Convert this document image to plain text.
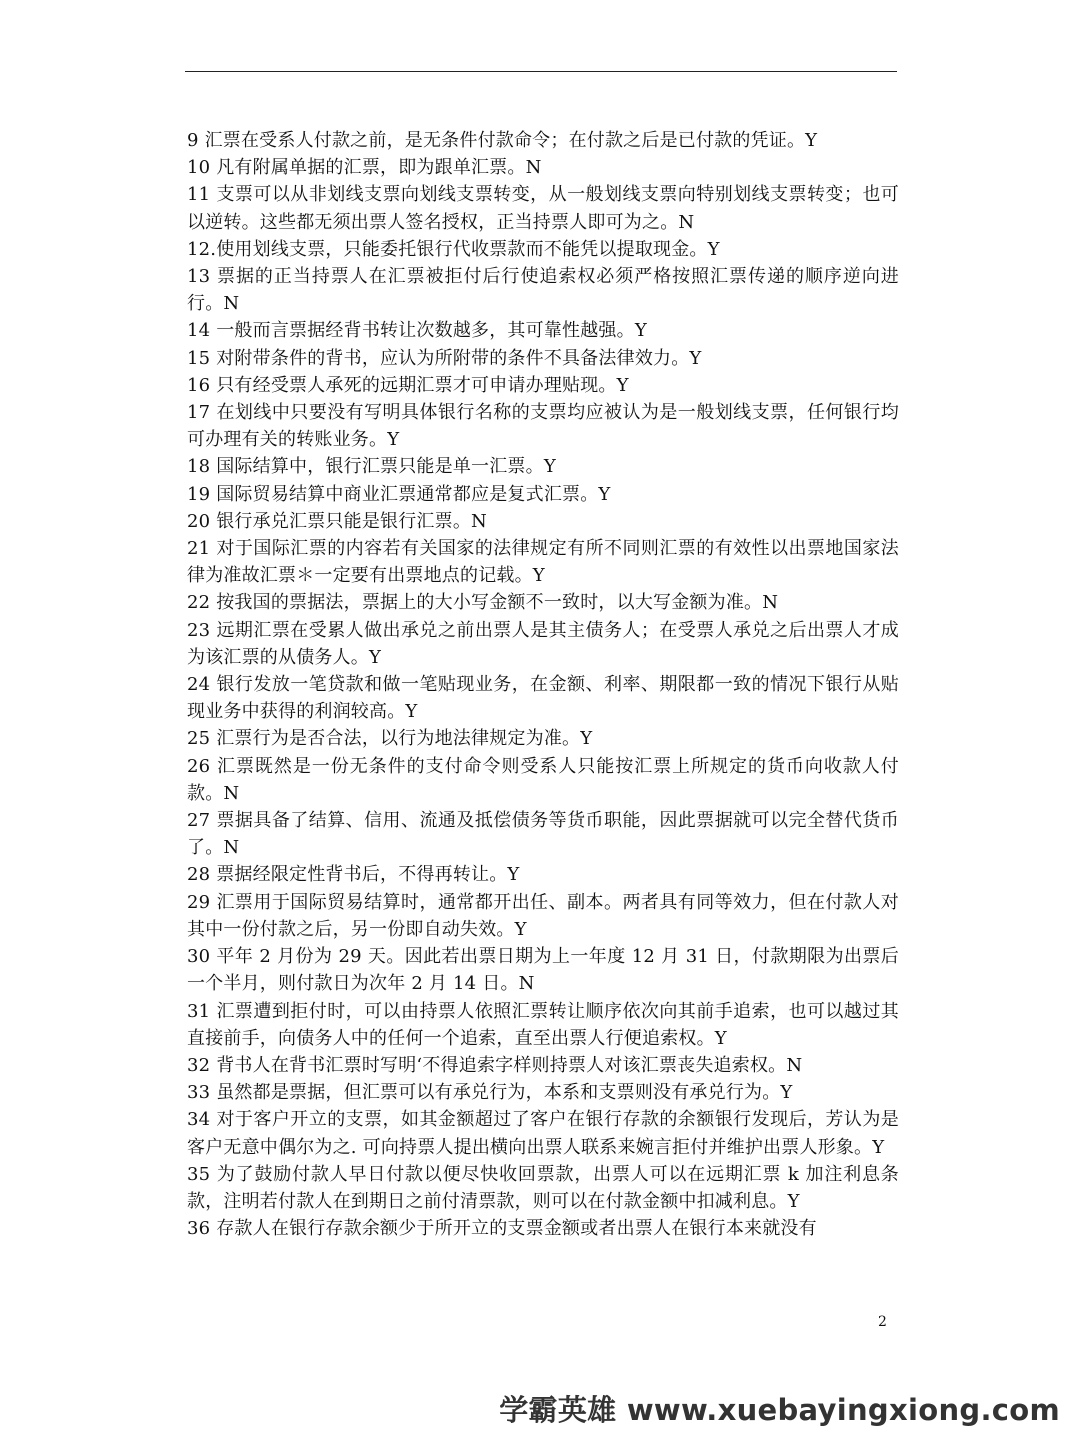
9 汇票在受系人付款之前，是无条件付款命令；在付款之后是已付款的凭证。Y

10 凡有附属单据的汇票，即为跟单汇票。N

11 支票可以从非划线支票向划线支票转变，从一般划线支票向特别划线支票转变；也可以逆转。这些都无须出票人签名授权，正当持票人即可为之。N

12.使用划线支票，只能委托银行代收票款而不能凭以提取现金。Y

13 票据的正当持票人在汇票被拒付后行使追索权必须严格按照汇票传递的顺序逆向进行。N

14 一般而言票据经背书转让次数越多，其可靠性越强。Y

15 对附带条件的背书，应认为所附带的条件不具备法律效力。Y

16 只有经受票人承死的远期汇票才可申请办理贴现。Y

17 在划线中只要没有写明具体银行名称的支票均应被认为是一般划线支票，任何银行均可办理有关的转账业务。Y

18 国际结算中，银行汇票只能是单一汇票。Y

19 国际贸易结算中商业汇票通常都应是复式汇票。Y

20 银行承兑汇票只能是银行汇票。N

21 对于国际汇票的内容若有关国家的法律规定有所不同则汇票的有效性以出票地国家法律为准故汇票＊一定要有出票地点的记载。Y

22 按我国的票据法，票据上的大小写金额不一致时，以大写金额为准。N

23 远期汇票在受累人做出承兑之前出票人是其主债务人；在受票人承兑之后出票人才成为该汇票的从债务人。Y

24 银行发放一笔贷款和做一笔贴现业务，在金额、利率、期限都一致的情况下银行从贴现业务中获得的利润较高。Y

25 汇票行为是否合法，以行为地法律规定为准。Y

26 汇票既然是一份无条件的支付命令则受系人只能按汇票上所规定的货币向收款人付款。N

27 票据具备了结算、信用、流通及抵偿债务等货币职能，因此票据就可以完全替代货币了。N

28 票据经限定性背书后，不得再转让。Y

29 汇票用于国际贸易结算时，通常都开出任、副本。两者具有同等效力，但在付款人对其中一份付款之后，另一份即自动失效。Y

30 平年 2 月份为 29 天。因此若出票日期为上一年度 12 月 31 日，付款期限为出票后一个半月，则付款日为次年 2 月 14 日。N

31 汇票遭到拒付时，可以由持票人依照汇票转让顺序依次向其前手追索，也可以越过其直接前手，向债务人中的任何一个追索，直至出票人行便追索权。Y

32 背书人在背书汇票时写明‘不得追索字样则持票人对该汇票丧失追索权。N

33 虽然都是票据，但汇票可以有承兑行为，本系和支票则没有承兑行为。Y

34 对于客户开立的支票，如其金额超过了客户在银行存款的余额银行发现后，芳认为是客户无意中偶尔为之. 可向持票人提出横向出票人联系来婉言拒付并维护出票人形象。Y

35 为了鼓励付款人早日付款以便尽快收回票款，出票人可以在远期汇票 k 加注利息条款，注明若付款人在到期日之前付清票款，则可以在付款金额中扣减利息。Y

36 存款人在银行存款余额少于所开立的支票金额或者出票人在银行本来就没有

2
学霸英雄 www.xuebayingxiong.com
